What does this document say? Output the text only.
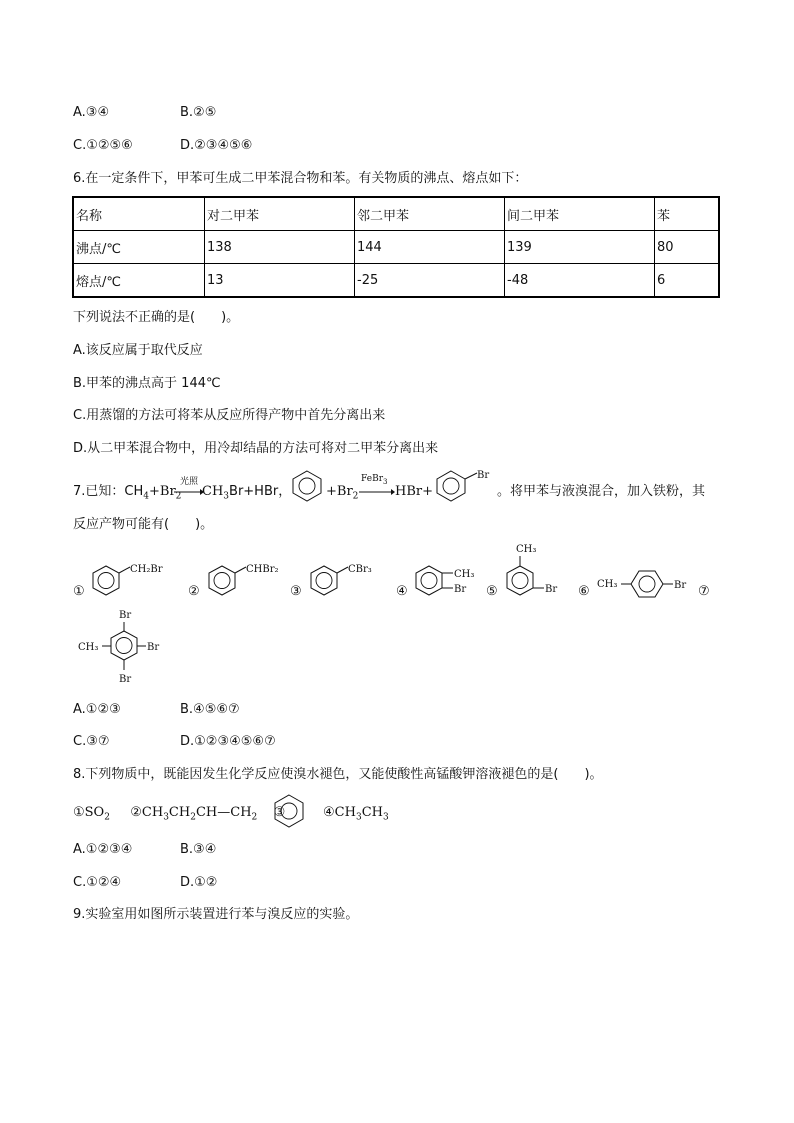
A.③④	B.②⑤
C.①②⑤⑥	D.②③④⑤⑥
6.在一定条件下，甲苯可生成二甲苯混合物和苯。有关物质的沸点、熔点如下：
名称	对二甲苯	邻二甲苯	间二甲苯	苯
沸点/℃	138	144	139	80
熔点/℃	13	-25	-48	6
下列说法不正确的是(　　)。
A.该反应属于取代反应
B.甲苯的沸点高于 144℃
C.用蒸馏的方法可将苯从反应所得产物中首先分离出来
D.从二甲苯混合物中，用冷却结晶的方法可将对二甲苯分离出来
7.已知：$CH_4+Br_2$
光照
$CH_3Br+HBr$，	$+Br_2$
FeBr$_3$
→ HBr+
Br
。将甲苯与液溴混合，加入铁粉，其
反应产物可能有(　　)。
①
CH₂Br
②
CHBr₂
③
CBr₃
④
CH₃
Br ⑤
CH₃
Br ⑥ CH₃	Br ⑦
Br
CH₃	Br
Br
A.①②③	B.④⑤⑥⑦
C.③⑦	D.①②③④⑤⑥⑦
8.下列物质中，既能因发生化学反应使溴水褪色，又能使酸性高锰酸钾溶液褪色的是(　　)。
$①SO_2$ $②CH_3CH_2CH—CH_2$ ③	$④CH_3CH_3$
A.①②③④	B.③④
C.①②④	D.①②
9.实验室用如图所示装置进行苯与溴反应的实验。
